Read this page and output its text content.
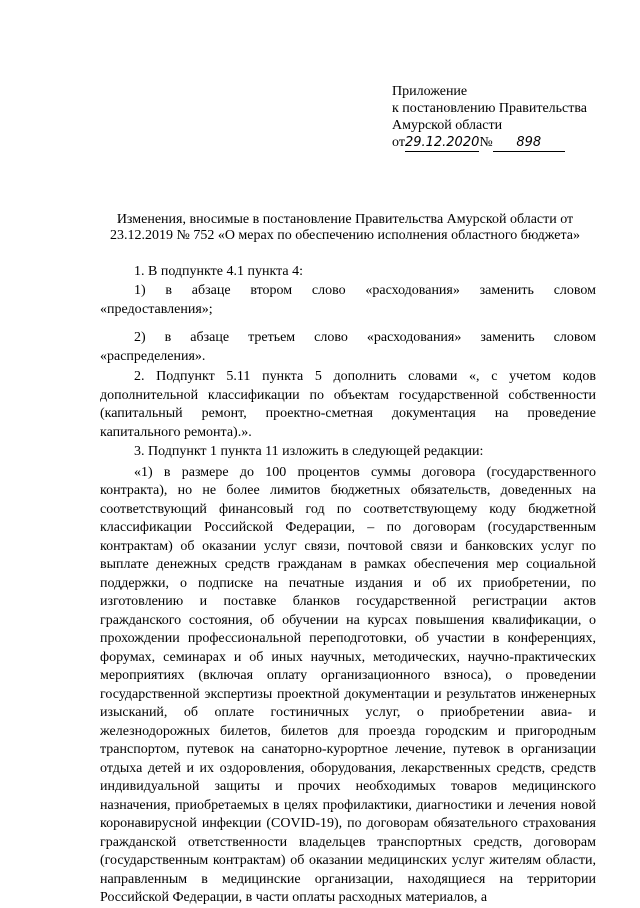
Приложение
к постановлению Правительства
Амурской области
от29.12.2020№ 898
Изменения, вносимые в постановление Правительства Амурской области от 23.12.2019 № 752 «О мерах по обеспечению исполнения областного бюджета»

1. В подпункте 4.1 пункта 4:

1) в абзаце втором слово «расходования» заменить словом «предоставления»;

2) в абзаце третьем слово «расходования» заменить словом «распределения».

2. Подпункт 5.11 пункта 5 дополнить словами «, с учетом кодов дополнительной классификации по объектам государственной собственности (капитальный ремонт, проектно-сметная документация на проведение капитального ремонта).».

3. Подпункт 1 пункта 11 изложить в следующей редакции:

«1) в размере до 100 процентов суммы договора (государственного контракта), но не более лимитов бюджетных обязательств, доведенных на соответствующий финансовый год по соответствующему коду бюджетной классификации Российской Федерации, – по договорам (государственным контрактам) об оказании услуг связи, почтовой связи и банковских услуг по выплате денежных средств гражданам в рамках обеспечения мер социальной поддержки, о подписке на печатные издания и об их приобретении, по изготовлению и поставке бланков государственной регистрации актов гражданского состояния, об обучении на курсах повышения квалификации, о прохождении профессиональной переподготовки, об участии в конференциях, форумах, семинарах и об иных научных, методических, научно-практических мероприятиях (включая оплату организационного взноса), о проведении государственной экспертизы проектной документации и результатов инженерных изысканий, об оплате гостиничных услуг, о приобретении авиа- и железнодорожных билетов, билетов для проезда городским и пригородным транспортом, путевок на санаторно-курортное лечение, путевок в организации отдыха детей и их оздоровления, оборудования, лекарственных средств, средств индивидуальной защиты и прочих необходимых товаров медицинского назначения, приобретаемых в целях профилактики, диагностики и лечения новой коронавирусной инфекции (COVID-19), по договорам обязательного страхования гражданской ответственности владельцев транспортных средств, договорам (государственным контрактам) об оказании медицинских услуг жителям области, направленным в медицинские организации, находящиеся на территории Российской Федерации, в части оплаты расходных материалов, а
